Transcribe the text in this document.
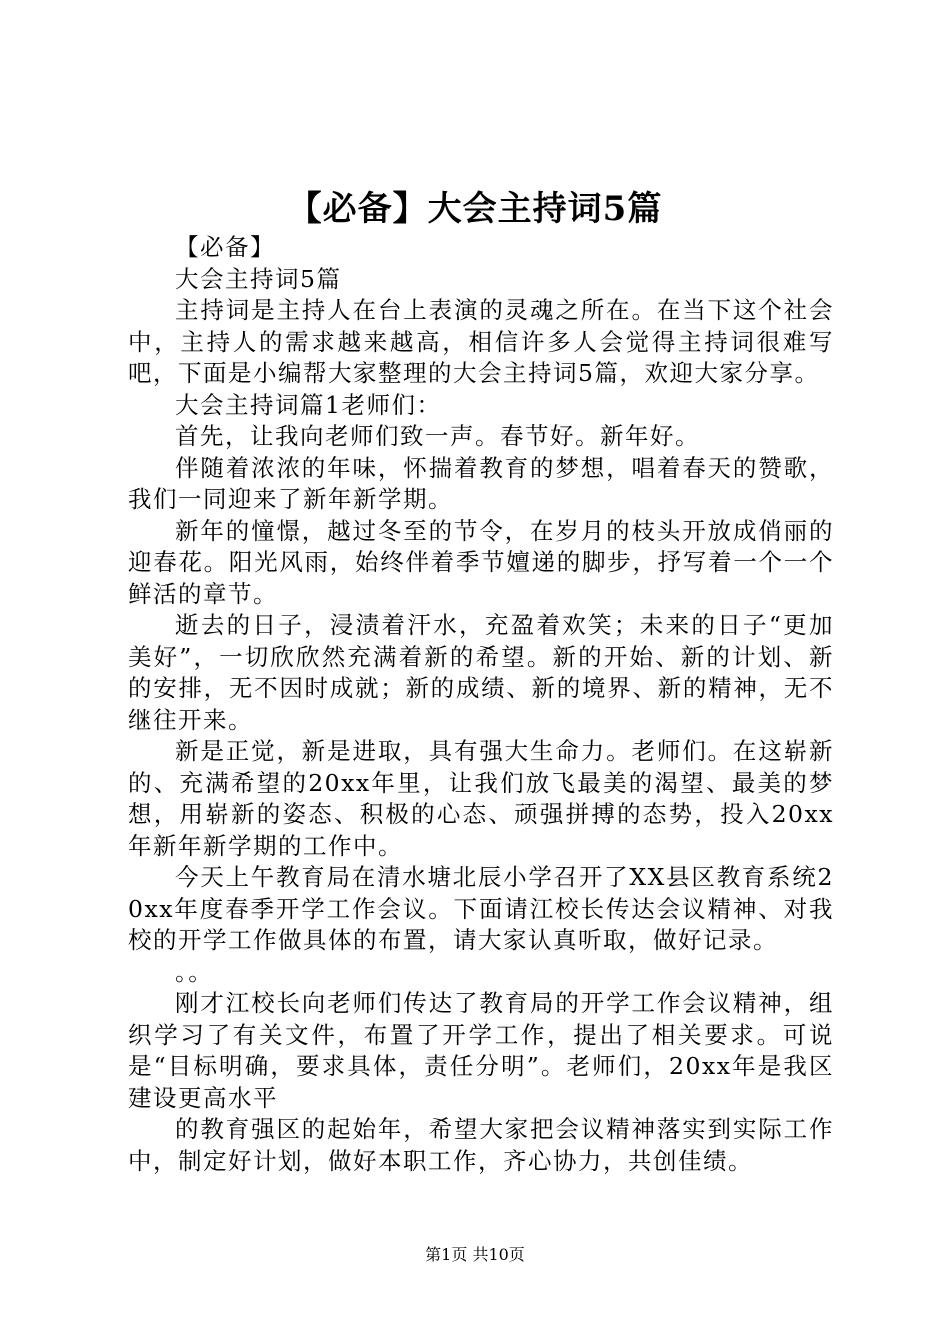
【必备】大会主持词5篇

【必备】

大会主持词5篇

主持词是主持人在台上表演的灵魂之所在。在当下这个社会中，主持人的需求越来越高，相信许多人会觉得主持词很难写吧，下面是小编帮大家整理的大会主持词5篇，欢迎大家分享。

大会主持词篇1老师们：

首先，让我向老师们致一声。春节好。新年好。

伴随着浓浓的年味，怀揣着教育的梦想，唱着春天的赞歌，我们一同迎来了新年新学期。

新年的憧憬，越过冬至的节令，在岁月的枝头开放成俏丽的迎春花。阳光风雨，始终伴着季节嬗递的脚步，抒写着一个一个鲜活的章节。

逝去的日子，浸渍着汗水，充盈着欢笑；未来的日子“更加美好”，一切欣欣然充满着新的希望。新的开始、新的计划、新的安排，无不因时成就；新的成绩、新的境界、新的精神，无不继往开来。

新是正觉，新是进取，具有强大生命力。老师们。在这崭新的、充满希望的20xx年里，让我们放飞最美的渴望、最美的梦想，用崭新的姿态、积极的心态、顽强拼搏的态势，投入20xx年新年新学期的工作中。

今天上午教育局在清水塘北辰小学召开了XX县区教育系统20xx年度春季开学工作会议。下面请江校长传达会议精神、对我校的开学工作做具体的布置，请大家认真听取，做好记录。

。。

刚才江校长向老师们传达了教育局的开学工作会议精神，组织学习了有关文件，布置了开学工作，提出了相关要求。可说是“目标明确，要求具体，责任分明”。老师们，20xx年是我区建设更高水平

的教育强区的起始年，希望大家把会议精神落实到实际工作中，制定好计划，做好本职工作，齐心协力，共创佳绩。

第1页 共10页
